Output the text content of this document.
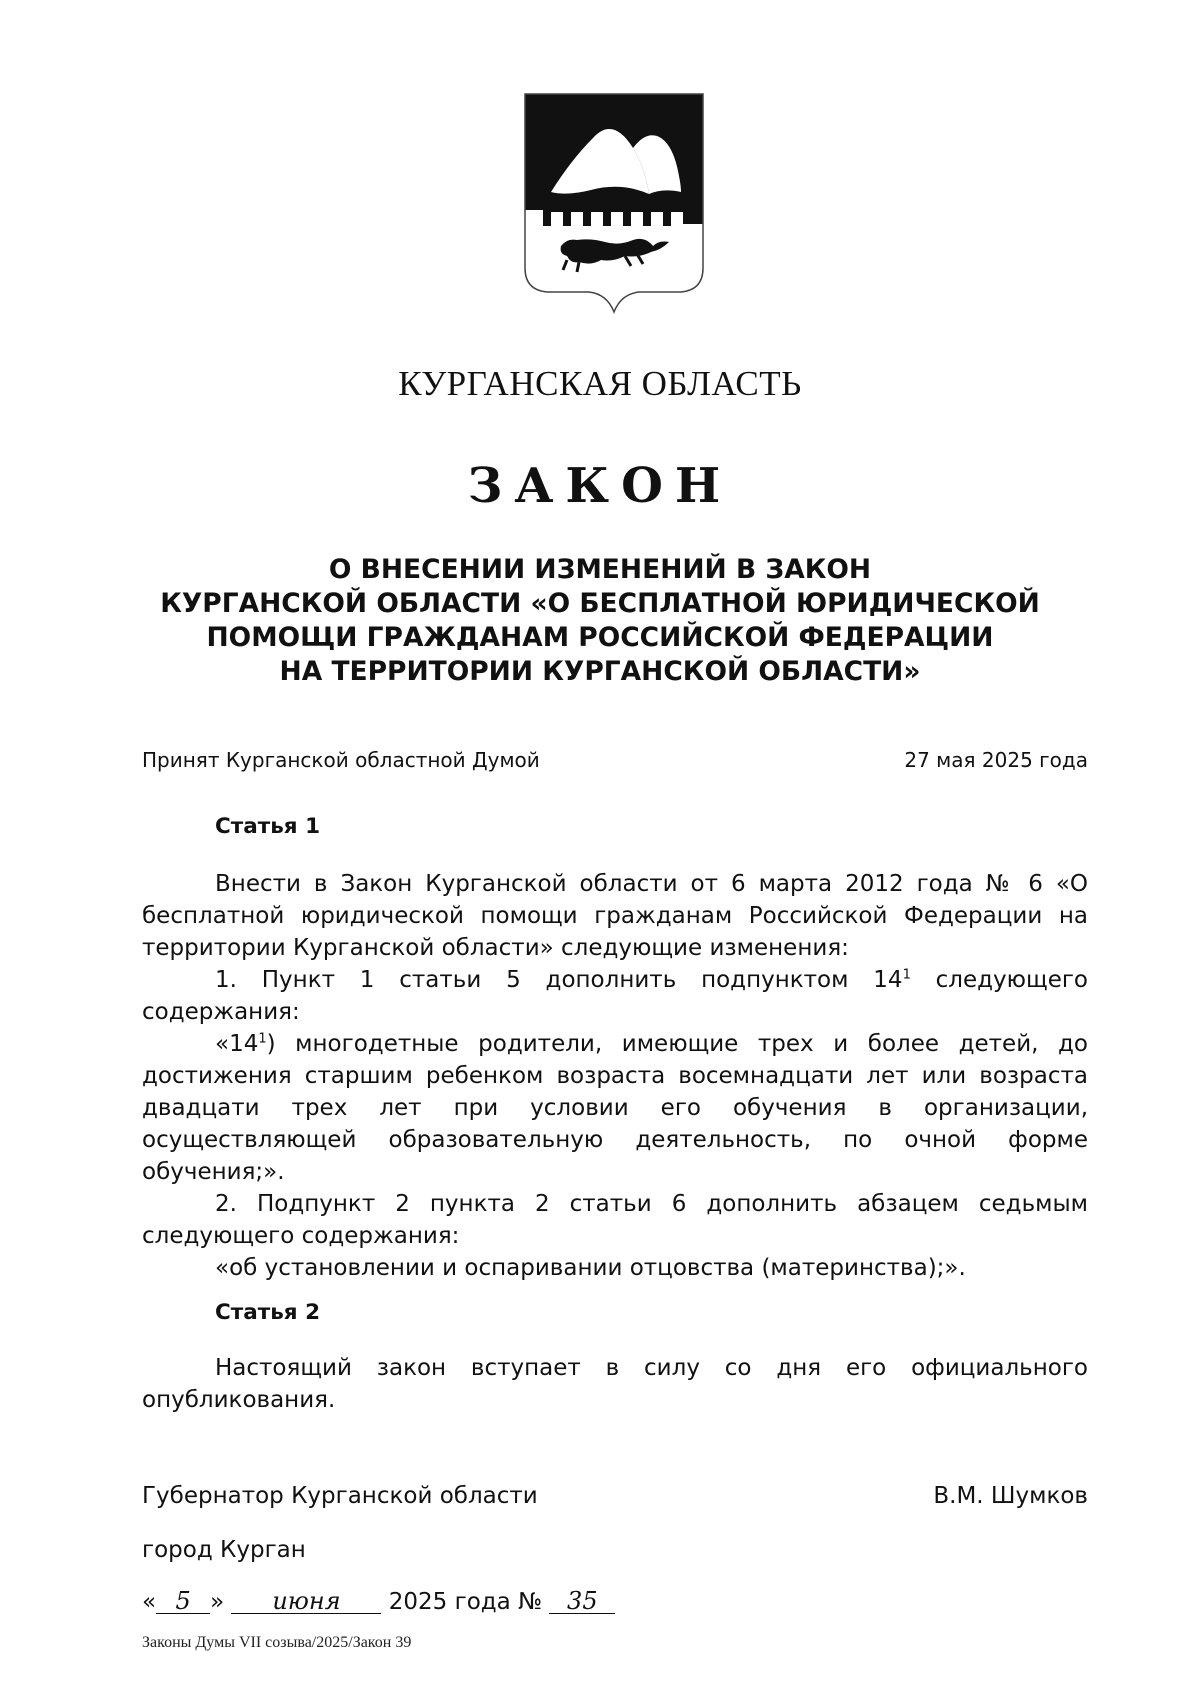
КУРГАНСКАЯ ОБЛАСТЬ
ЗАКОН
О ВНЕСЕНИИ ИЗМЕНЕНИЙ В ЗАКОН
КУРГАНСКОЙ ОБЛАСТИ «О БЕСПЛАТНОЙ ЮРИДИЧЕСКОЙ
ПОМОЩИ ГРАЖДАНАМ РОССИЙСКОЙ ФЕДЕРАЦИИ
НА ТЕРРИТОРИИ КУРГАНСКОЙ ОБЛАСТИ»
Принят Курганской областной Думой	27 мая 2025 года
Статья 1

Внести в Закон Курганской области от 6 марта 2012 года № 6 «О бесплатной юридической помощи гражданам Российской Федерации на территории Курганской области» следующие изменения:

1. Пункт 1 статьи 5 дополнить подпунктом $14^1$ следующего содержания:

«$14^1$) многодетные родители, имеющие трех и более детей, до достижения старшим ребенком возраста восемнадцати лет или возраста двадцати трех лет при условии его обучения в организации, осуществляющей образовательную деятельность, по очной форме обучения;».

2. Подпункт 2 пункта 2 статьи 6 дополнить абзацем седьмым следующего содержания:

«об установлении и оспаривании отцовства (материнства);».

Статья 2

Настоящий закон вступает в силу со дня его официального опубликования.

Губернатор Курганской области	В.М. Шумков
город Курган
« 5 » июня 2025 года № 35
Законы Думы VII созыва/2025/Закон 39
